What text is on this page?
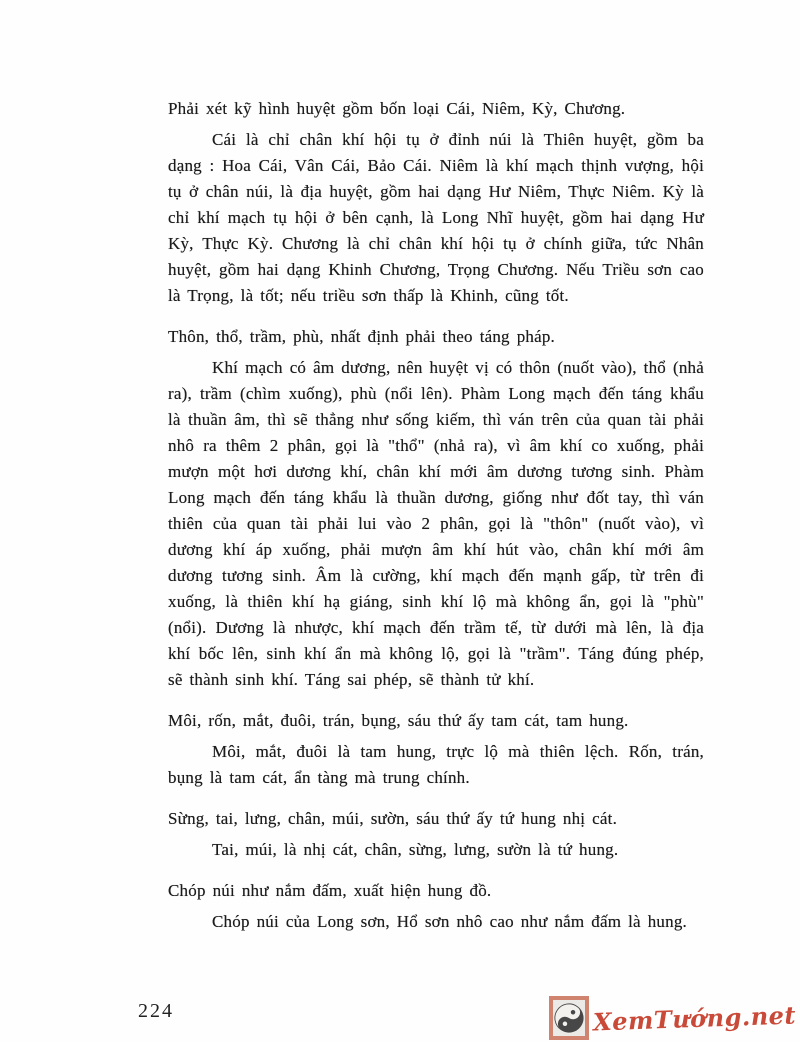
Phải xét kỹ hình huyệt gồm bốn loại Cái, Niêm, Kỳ, Chương.

Cái là chỉ chân khí hội tụ ở đỉnh núi là Thiên huyệt, gồm ba dạng : Hoa Cái, Vân Cái, Bảo Cái. Niêm là khí mạch thịnh vượng, hội tụ ở chân núi, là địa huyệt, gồm hai dạng Hư Niêm, Thực Niêm. Kỳ là chỉ khí mạch tụ hội ở bên cạnh, là Long Nhĩ huyệt, gồm hai dạng Hư Kỳ, Thực Kỳ. Chương là chỉ chân khí hội tụ ở chính giữa, tức Nhân huyệt, gồm hai dạng Khinh Chương, Trọng Chương. Nếu Triều sơn cao là Trọng, là tốt; nếu triều sơn thấp là Khinh, cũng tốt.

Thôn, thổ, trầm, phù, nhất định phải theo táng pháp.

Khí mạch có âm dương, nên huyệt vị có thôn (nuốt vào), thổ (nhả ra), trầm (chìm xuống), phù (nổi lên). Phàm Long mạch đến táng khẩu là thuần âm, thì sẽ thẳng như sống kiếm, thì ván trên của quan tài phải nhô ra thêm 2 phân, gọi là "thổ" (nhả ra), vì âm khí co xuống, phải mượn một hơi dương khí, chân khí mới âm dương tương sinh. Phàm Long mạch đến táng khẩu là thuần dương, giống như đốt tay, thì ván thiên của quan tài phải lui vào 2 phân, gọi là "thôn" (nuốt vào), vì dương khí áp xuống, phải mượn âm khí hút vào, chân khí mới âm dương tương sinh. Âm là cường, khí mạch đến mạnh gấp, từ trên đi xuống, là thiên khí hạ giáng, sinh khí lộ mà không ẩn, gọi là "phù" (nổi). Dương là nhược, khí mạch đến trầm tế, từ dưới mà lên, là địa khí bốc lên, sinh khí ẩn mà không lộ, gọi là "trầm". Táng đúng phép, sẽ thành sinh khí. Táng sai phép, sẽ thành tử khí.

Môi, rốn, mắt, đuôi, trán, bụng, sáu thứ ấy tam cát, tam hung.

Môi, mắt, đuôi là tam hung, trực lộ mà thiên lệch. Rốn, trán, bụng là tam cát, ẩn tàng mà trung chính.

Sừng, tai, lưng, chân, múi, sườn, sáu thứ ấy tứ hung nhị cát.

Tai, múi, là nhị cát, chân, sừng, lưng, sườn là tứ hung.

Chóp núi như nắm đấm, xuất hiện hung đồ.

Chóp núi của Long sơn, Hổ sơn nhô cao như nắm đấm là hung.

224	XemTướng.net
